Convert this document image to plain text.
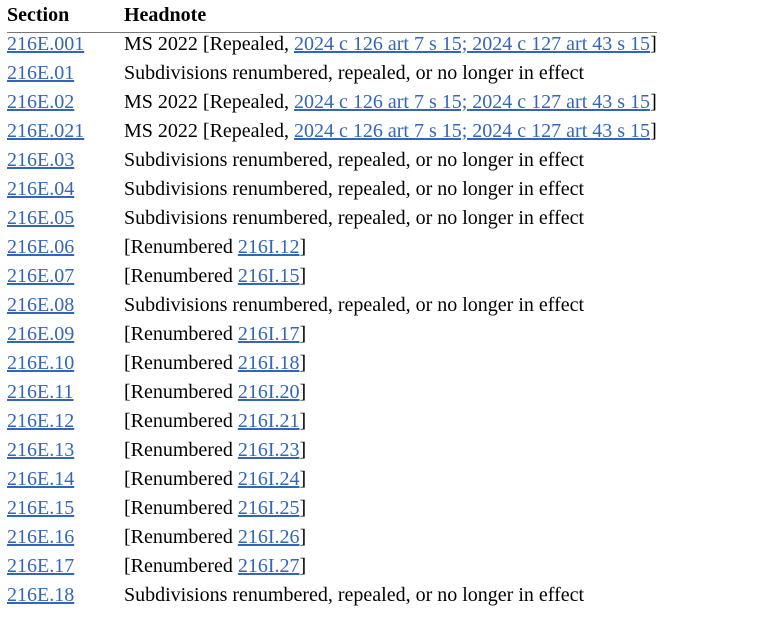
Section	Headnote
216E.001	MS 2022 [Repealed, 2024 c 126 art 7 s 15; 2024 c 127 art 43 s 15]
216E.01	Subdivisions renumbered, repealed, or no longer in effect
216E.02	MS 2022 [Repealed, 2024 c 126 art 7 s 15; 2024 c 127 art 43 s 15]
216E.021	MS 2022 [Repealed, 2024 c 126 art 7 s 15; 2024 c 127 art 43 s 15]
216E.03	Subdivisions renumbered, repealed, or no longer in effect
216E.04	Subdivisions renumbered, repealed, or no longer in effect
216E.05	Subdivisions renumbered, repealed, or no longer in effect
216E.06	[Renumbered 216I.12]
216E.07	[Renumbered 216I.15]
216E.08	Subdivisions renumbered, repealed, or no longer in effect
216E.09	[Renumbered 216I.17]
216E.10	[Renumbered 216I.18]
216E.11	[Renumbered 216I.20]
216E.12	[Renumbered 216I.21]
216E.13	[Renumbered 216I.23]
216E.14	[Renumbered 216I.24]
216E.15	[Renumbered 216I.25]
216E.16	[Renumbered 216I.26]
216E.17	[Renumbered 216I.27]
216E.18	Subdivisions renumbered, repealed, or no longer in effect
